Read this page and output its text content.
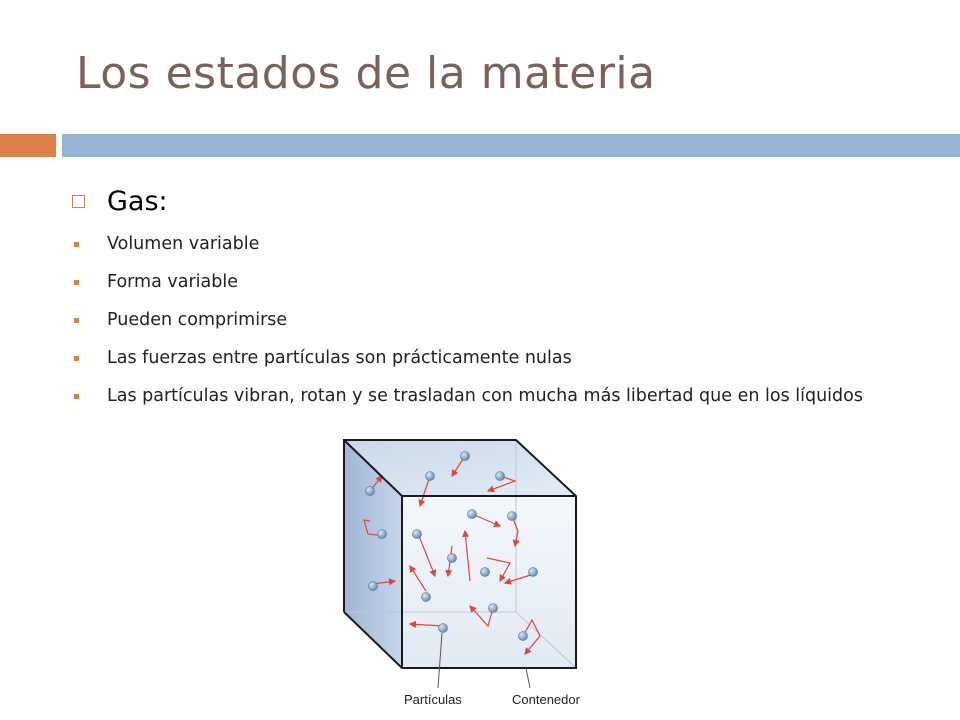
Los estados de la materia
Gas:
Volumen variable
Forma variable
Pueden comprimirse
Las fuerzas entre partículas son prácticamente nulas
Las partículas vibran, rotan y se trasladan con mucha más libertad que en los líquidos
Partículas	Contenedor
